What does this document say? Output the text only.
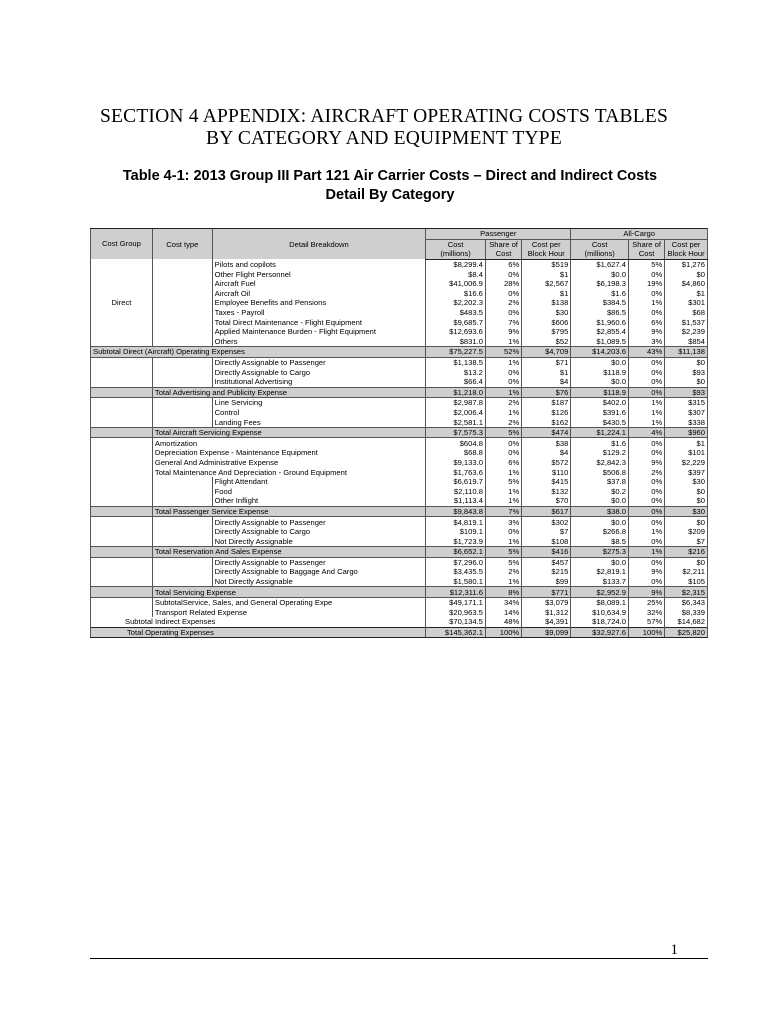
SECTION 4 APPENDIX: AIRCRAFT OPERATING COSTS TABLES
BY CATEGORY AND EQUIPMENT TYPE
Table 4-1: 2013 Group III Part 121 Air Carrier Costs – Direct and Indirect Costs
Detail By Category
Cost Group	Cost type	Detail Breakdown	Passenger			All-Cargo		
			Cost	Share of	Cost per	Cost	Share of	Cost per
			(millions)	Cost	Block Hour	(millions)	Cost	Block Hour
		Pilots and copilots	$8,299.4	6%	$519	$1,627.4	5%	$1,276
		Other Flight Personnel	$8.4	0%	$1	$0.0	0%	$0
		Aircraft Fuel	$41,006.9	28%	$2,567	$6,198.3	19%	$4,860
		Aircraft Oil	$16.6	0%	$1	$1.6	0%	$1
Direct		Employee Benefits and Pensions	$2,202.3	2%	$138	$384.5	1%	$301
		Taxes - Payroll	$483.5	0%	$30	$86.5	0%	$68
		Total Direct Maintenance - Flight Equipment	$9,685.7	7%	$606	$1,960.6	6%	$1,537
		Applied Maintenance Burden - Flight Equipment	$12,693.6	9%	$795	$2,855.4	9%	$2,239
		Others	$831.0	1%	$52	$1,089.5	3%	$854
Subtotal Direct (Aircraft) Operating Expenses			$75,227.5	52%	$4,709	$14,203.6	43%	$11,138
		Directly Assignable to Passenger	$1,138.5	1%	$71	$0.0	0%	$0
		Directly Assignable to Cargo	$13.2	0%	$1	$118.9	0%	$93
		Institutional Advertising	$66.4	0%	$4	$0.0	0%	$0
	Total Advertising and Publicity Expense		$1,218.0	1%	$76	$118.9	0%	$93
		Line Servicing	$2,987.8	2%	$187	$402.0	1%	$315
		Control	$2,006.4	1%	$126	$391.6	1%	$307
		Landing Fees	$2,581.1	2%	$162	$430.5	1%	$338
	Total Aircraft Servicing Expense		$7,575.3	5%	$474	$1,224.1	4%	$960
	Amortization		$604.8	0%	$38	$1.6	0%	$1
	Depreciation Expense - Maintenance Equipment		$68.8	0%	$4	$129.2	0%	$101
	General And Administrative Expense		$9,133.0	6%	$572	$2,842.3	9%	$2,229
	Total Maintenance And Depreciation - Ground Equipment		$1,763.6	1%	$110	$506.8	2%	$397
		Flight Attendant	$6,619.7	5%	$415	$37.8	0%	$30
		Food	$2,110.8	1%	$132	$0.2	0%	$0
		Other Inflight	$1,113.4	1%	$70	$0.0	0%	$0
	Total Passenger Service Expense		$9,843.8	7%	$617	$38.0	0%	$30
		Directly Assignable to Passenger	$4,819.1	3%	$302	$0.0	0%	$0
		Directly Assignable to Cargo	$109.1	0%	$7	$266.8	1%	$209
		Not Directly Assignable	$1,723.9	1%	$108	$8.5	0%	$7
	Total Reservation And Sales Expense		$6,652.1	5%	$416	$275.3	1%	$216
		Directly Assignable to Passenger	$7,296.0	5%	$457	$0.0	0%	$0
		Directly Assignable to Baggage And Cargo	$3,435.5	2%	$215	$2,819.1	9%	$2,211
		Not Directly Assignable	$1,580.1	1%	$99	$133.7	0%	$105
	Total Servicing Expense		$12,311.6	8%	$771	$2,952.9	9%	$2,315
	SubtotalService, Sales, and General Operating Expe		$49,171.1	34%	$3,079	$8,089.1	25%	$6,343
	Transport Related Expense		$20,963.5	14%	$1,312	$10,634.9	32%	$8,339
Subtotal Indirect Expenses			$70,134.5	48%	$4,391	$18,724.0	57%	$14,682
Total Operating Expenses			$145,362.1	100%	$9,099	$32,927.6	100%	$25,820
1
